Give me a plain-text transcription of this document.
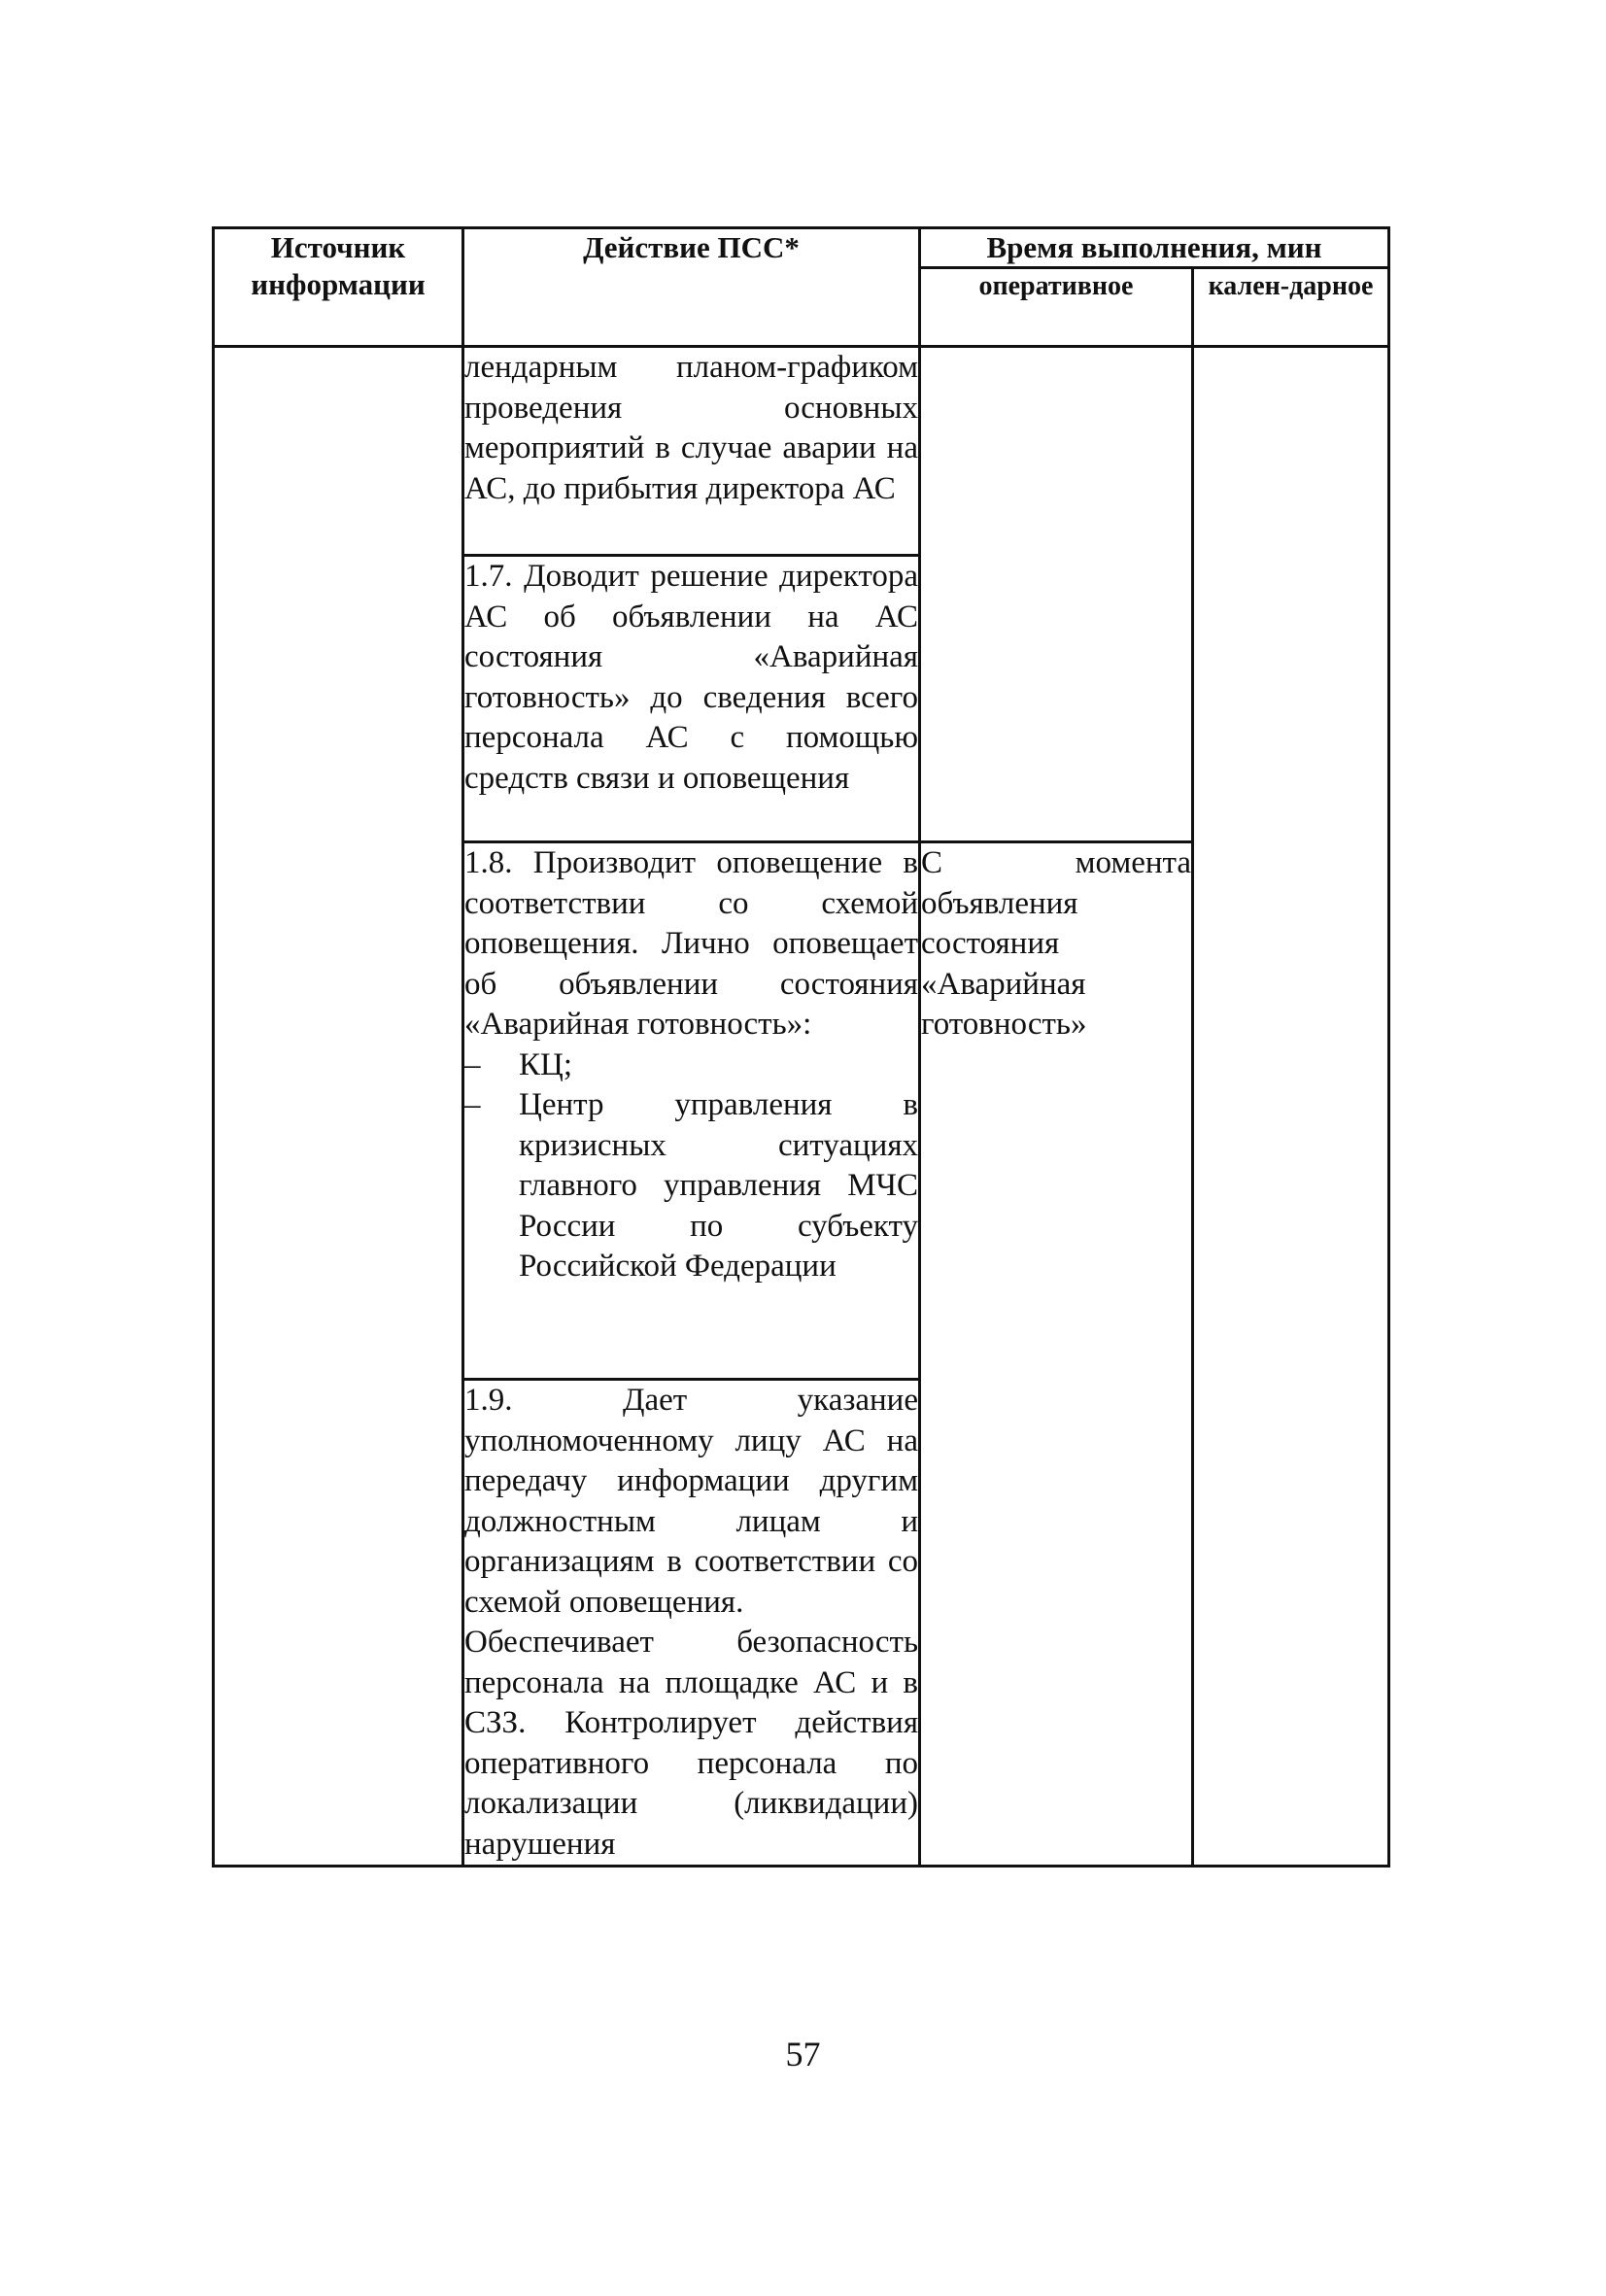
Источник информации	Действие ПСС*	Время выполнения, мин	
		оперативное	кален-дарное
	лендарным планом-графиком проведения основных мероприятий в случае аварии на АС, до прибытия директора АС		
	1.7. Доводит решение директора АС об объявлении на АС состояния «Аварийная готовность» до сведения всего персонала АС с помощью средств связи и оповещения		

	1.8. Производит оповещение в соответствии со схемой оповещения. Лично оповещает об объявлении состояния «Аварийная готовность»:
– КЦ;
– Центр управления в кризисных ситуациях главного управления МЧС России по субъекту Российской Федерации	С момента объявления состояния «Аварийная готовность»	

	1.9. Дает указание уполномоченному лицу АС на передачу информации другим должностным лицам и организациям в соответствии со схемой оповещения.
Обеспечивает безопасность персонала на площадке АС и в СЗЗ. Контролирует действия оперативного персонала по локализации (ликвидации) нарушения		
57
